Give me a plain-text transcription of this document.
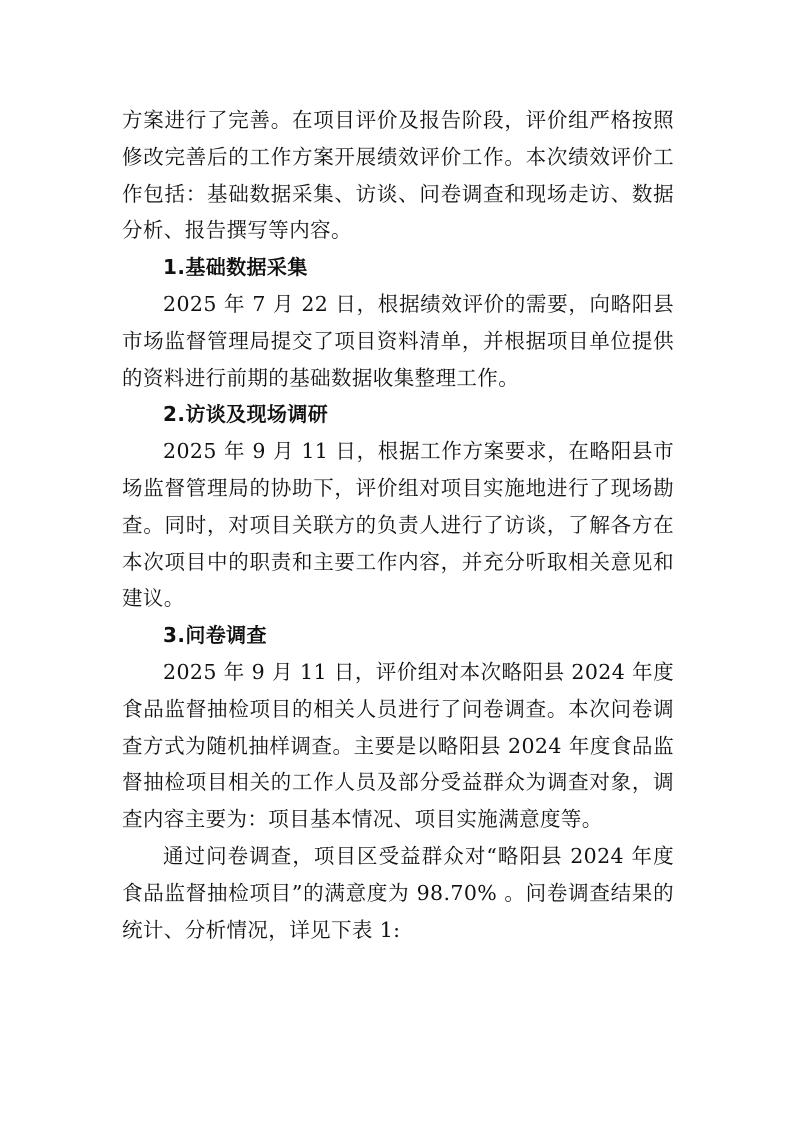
方案进行了完善。在项目评价及报告阶段，评价组严格按照修改完善后的工作方案开展绩效评价工作。本次绩效评价工作包括：基础数据采集、访谈、问卷调查和现场走访、数据分析、报告撰写等内容。

1.基础数据采集

2025 年 7 月 22 日，根据绩效评价的需要，向略阳县市场监督管理局提交了项目资料清单，并根据项目单位提供的资料进行前期的基础数据收集整理工作。

2.访谈及现场调研

2025 年 9 月 11 日，根据工作方案要求，在略阳县市场监督管理局的协助下，评价组对项目实施地进行了现场勘查。同时，对项目关联方的负责人进行了访谈，了解各方在本次项目中的职责和主要工作内容，并充分听取相关意见和建议。

3.问卷调查

2025 年 9 月 11 日，评价组对本次略阳县 2024 年度食品监督抽检项目的相关人员进行了问卷调查。本次问卷调查方式为随机抽样调查。主要是以略阳县 2024 年度食品监督抽检项目相关的工作人员及部分受益群众为调查对象，调查内容主要为：项目基本情况、项目实施满意度等。

通过问卷调查，项目区受益群众对“略阳县 2024 年度食品监督抽检项目”的满意度为 98.70% 。问卷调查结果的统计、分析情况，详见下表 1:
